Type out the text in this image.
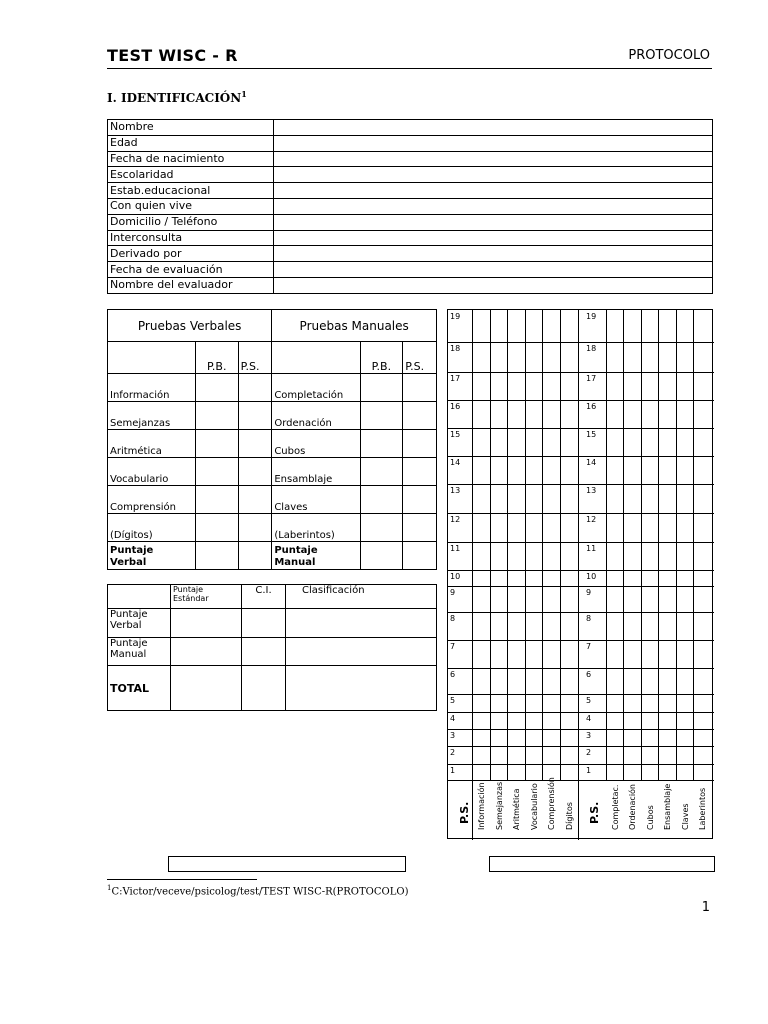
TEST WISC - R	PROTOCOLO
I. IDENTIFICACIÓN$^1$
Nombre	
Edad	
Fecha de nacimiento	
Escolaridad	
Estab.educacional	
Con quien vive	
Domicilio / Teléfono	
Interconsulta	
Derivado por	
Fecha de evaluación	
Nombre del evaluador	
Pruebas Verbales			Pruebas Manuales		
	P.B.	P.S.		P.B.	P.S.
Información			Completación		
Semejanzas			Ordenación		
Aritmética			Cubos		
Vocabulario			Ensamblaje		
Comprensión			Claves		
(Dígitos)			(Laberintos)		
Puntaje Verbal			Puntaje Manual		
	Puntaje Estándar	C.I.	Clasificación
Puntaje Verbal			
Puntaje Manual			
TOTAL			
19	19
18	18
17	17
16	16
15	15
14	14
13	13
12	12
11	11
10	10
9	9
8	8
7	7
6	6
5	5
4	4
3	3
2	2
1	1
P.S.	P.S.
Información Semejanzas Aritmética Vocabulario Comprensión Dígitos	Completac. Ordenación Cubos Ensamblaje Claves Laberintos
$^1$C:Victor/veceve/psicolog/test/TEST WISC-R(PROTOCOLO)
1
